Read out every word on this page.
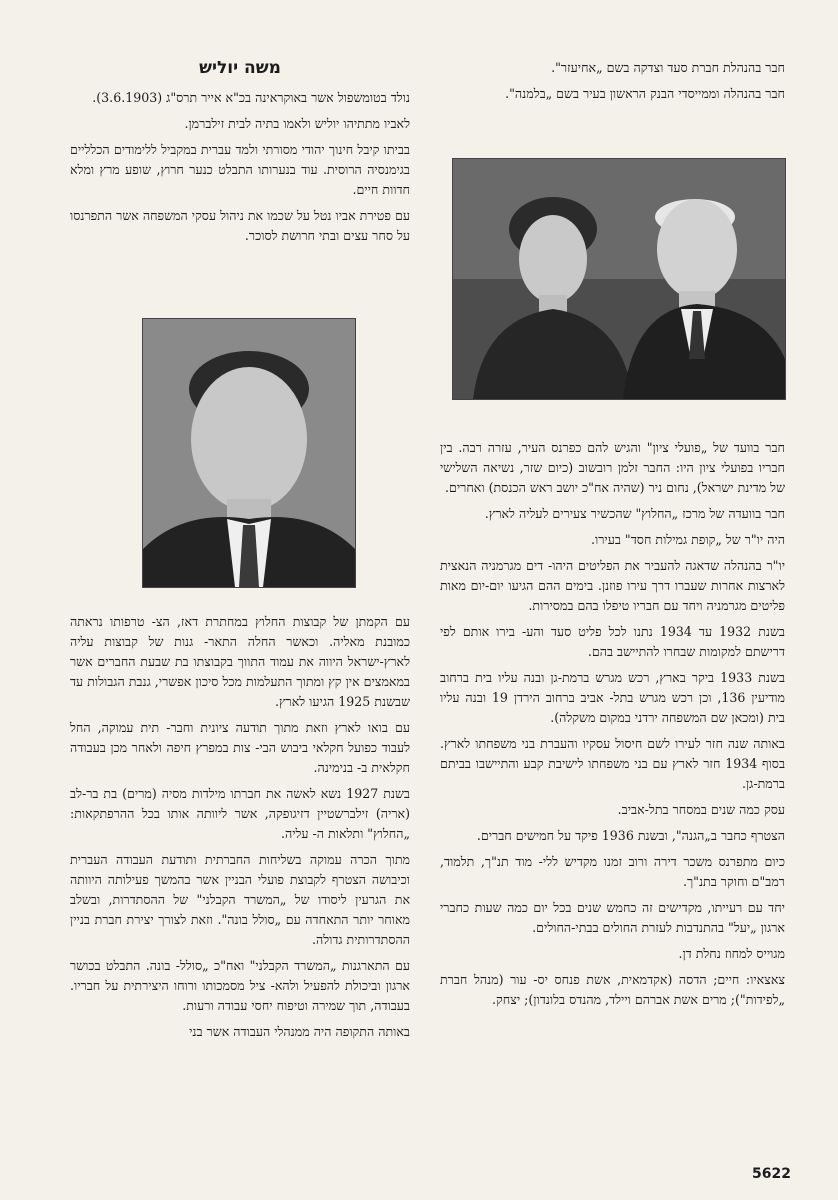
חבר בהנהלת חברת סעד וצדקה בשם „אחיעזר".

חבר בהנהלה וממייסדי הבנק הראשון בעיר בשם „בלמנה".

משה יוליש

נולד בטומשפול אשר באוקראינה בכ"א אייר תרס"ג (3.6.1903).

לאביו מתתיהו יוליש ולאמו בתיה לבית זילברמן.

בביתו קיבל חינוך יהודי מסורתי ולמד עברית במקביל ללימודים הכלליים בגימנסיה הרוסית. עוד בנערותו התבלט כנער חרוץ, שופע מרץ ומלא חדוות חיים.

עם פטירת אביו נטל על שכמו את ניהול עסקי המשפחה אשר התפרנסו על סחר עצים ובתי חרושת לסוכר.

חבר בוועד של „פועלי ציון" והגיש להם כפרנס העיר, עזרה רבה. בין חבריו בפועלי ציון היו: החבר זלמן רובשוב (כיום שזר, נשיאה השלישי של מדינת ישראל), נחום ניר (שהיה אח"כ יושב ראש הכנסת) ואחרים.

חבר בוועדה של מרכז „החלוץ" שהכשיר צעירים לעליה לארץ.

היה יו"ר של „קופת גמילות חסד" בעירו.

יו"ר בהנהלה שדאגה להעביר את הפליטים היהו- דים מגרמניה הנאצית לארצות אחרות שעברו דרך עירו פוזנן. בימים ההם הגיעו יום-יום מאות פליטים מגרמניה ויחד עם חבריו טיפלו בהם במסירות.

בשנת 1932 עד 1934 נתנו לכל פליט סעד והע- בירו אותם לפי דרישתם למקומות שבחרו להתיישב בהם.

בשנת 1933 ביקר בארץ, רכש מגרש ברמת-גן ובנה עליו בית ברחוב מודיעין 136, וכן רכש מגרש בתל- אביב ברחוב הירדן 19 ובנה עליו בית (ומכאן שם המשפחה ירדני במקום משקלה).

באותה שנה חזר לעירו לשם חיסול עסקיו והעברת בני משפחתו לארץ. בסוף 1934 חזר לארץ עם בני משפחתו לישיבת קבע והתיישבו בביתם ברמת-גן.

עסק כמה שנים במסחר בתל-אביב.

הצטרף כחבר ב„הגנה", ובשנת 1936 פיקד על חמישים חברים.

כיום מתפרנס משכר דירה ורוב זמנו מקדיש ללי- מוד תנ"ך, תלמוד, רמב"ם וחוקר בתנ"ך.

יחד עם רעייתו, מקדישים זה כחמש שנים בכל יום כמה שעות כחברי ארגון „יעל" בהתנדבות לעזרת החולים בבתי-החולים.

מגוייס למחוז נחלת דן.

צאצאיו: חיים; הדסה (אקדמאית, אשת פנחס יס- עור (מנהל חברת „לפידות"); מרים אשת אברהם ויילד, מהנדס בלונדון); יצחק.

עם הקמתן של קבוצות החלוץ במחתרת דאז, הצ- טרפותו נראתה כמובנת מאליה. וכאשר החלה התאר- גנות של קבוצות עליה לארץ-ישראל היווה את עמוד התווך בקבוצתו בת שבעת החברים אשר במאמצים אין קץ ומתוך התעלמות מכל סיכון אפשרי, גנבת הגבולות עד שבשנת 1925 הגיעו לארץ.

עם בואו לארץ וזאת מתוך תודעה ציונית וחבר- תית עמוקה, החל לעבוד כפועל חקלאי ביבוש הבי- צות במפרץ חיפה ולאחר מכן בעבודה חקלאית ב- בנימינה.

בשנת 1927 נשא לאשה את חברתו מילדות מסיה (מרים) בת בר-לב (אריה) זילברשטיין דזיגופקה, אשר ליוותה אותו בכל ההרפתקאות: „החלוץ" ותלאות ה- עליה.

מתוך הכרה עמוקה בשליחות החברתית ותודעת העבודה העברית וכיבושה הצטרף לקבוצת פועלי הבניין אשר בהמשך פעילותה היוותה את הגרעין ליסודו של „המשרד הקבלני" של ההסתדרות, ובשלב מאוחר יותר התאחדה עם „סולל בונה". וזאת לצורך יצירת חברת בניין ההסתדרותית גדולה.

עם התארגנות „המשרד הקבלני" ואח"כ „סולל- בונה. התבלט בכושר ארגון וביכולת להפעיל ולהא- ציל מסמכותו ורוחו היצירתית על חבריו. בעבודה, תוך שמירה וטיפוח יחסי עבודה ורעות.

באותה התקופה היה ממנהלי העבודה אשר בני

5622
